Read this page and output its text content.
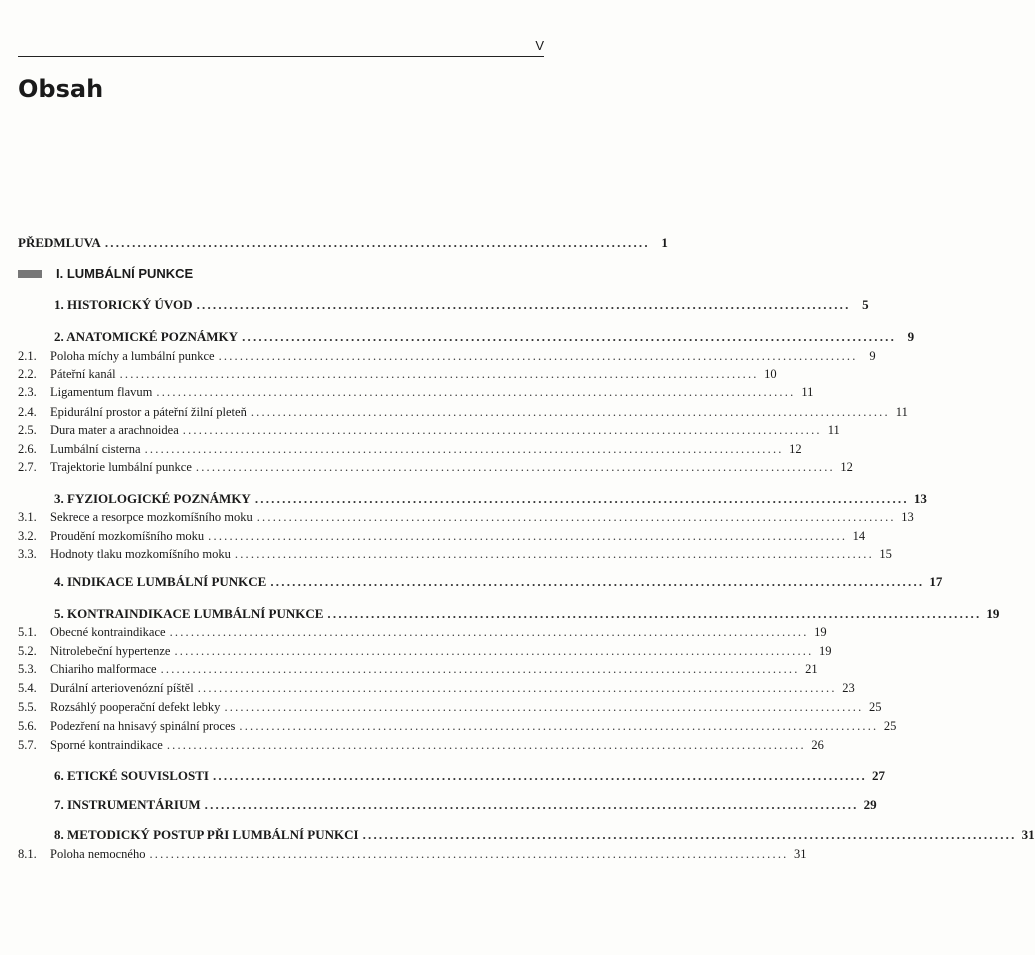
V
Obsah
PŘEDMLUVA .................................................................................................... 1
I. LUMBÁLNÍ PUNKCE
1. HISTORICKÝ ÚVOD ........................................................................................................................ 5
2. ANATOMICKÉ POZNÁMKY ........................................................................................................................ 9
2.1.	Poloha míchy a lumbální punkce ........................................................................................................................ 9
2.2.	Páteřní kanál ........................................................................................................................ 10
2.3.	Ligamentum flavum ........................................................................................................................ 11
2.4.	Epidurální prostor a páteřní žilní pleteň ........................................................................................................................ 11
2.5.	Dura mater a arachnoidea ........................................................................................................................ 11
2.6.	Lumbální cisterna ........................................................................................................................ 12
2.7.	Trajektorie lumbální punkce ........................................................................................................................ 12
3. FYZIOLOGICKÉ POZNÁMKY ........................................................................................................................ 13
3.1.	Sekrece a resorpce mozkomíšního moku ........................................................................................................................ 13
3.2.	Proudění mozkomíšního moku ........................................................................................................................ 14
3.3.	Hodnoty tlaku mozkomíšního moku ........................................................................................................................ 15
4. INDIKACE LUMBÁLNÍ PUNKCE ........................................................................................................................ 17
5. KONTRAINDIKACE LUMBÁLNÍ PUNKCE ........................................................................................................................ 19
5.1.	Obecné kontraindikace ........................................................................................................................ 19
5.2.	Nitrolebeční hypertenze ........................................................................................................................ 19
5.3.	Chiariho malformace ........................................................................................................................ 21
5.4.	Durální arteriovenózní píštěl ........................................................................................................................ 23
5.5.	Rozsáhlý pooperační defekt lebky ........................................................................................................................ 25
5.6.	Podezření na hnisavý spinální proces ........................................................................................................................ 25
5.7.	Sporné kontraindikace ........................................................................................................................ 26
6. ETICKÉ SOUVISLOSTI ........................................................................................................................ 27
7. INSTRUMENTÁRIUM ........................................................................................................................ 29
8. METODICKÝ POSTUP PŘI LUMBÁLNÍ PUNKCI ........................................................................................................................ 31
8.1.	Poloha nemocného ........................................................................................................................ 31
